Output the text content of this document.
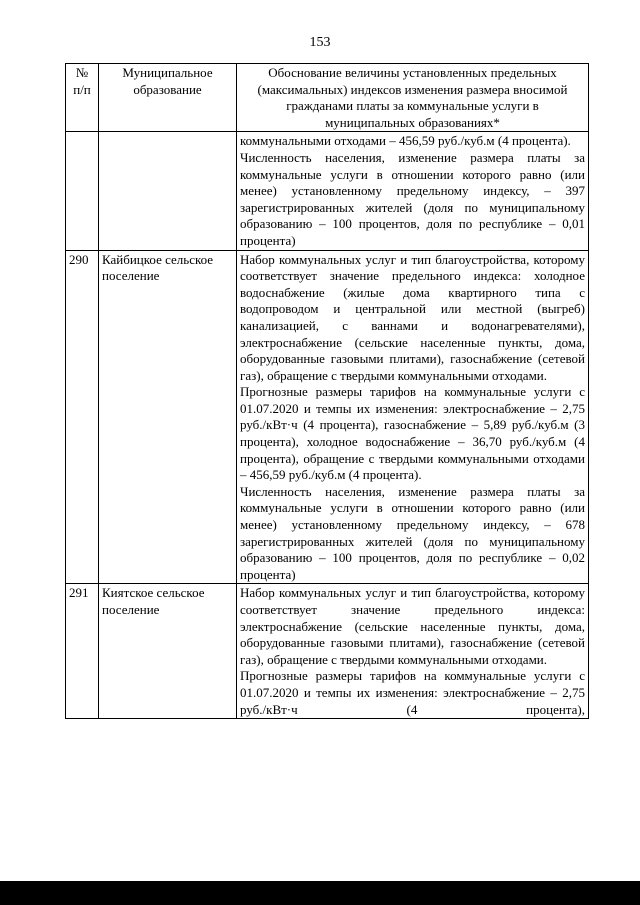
153
№ п/п	Муниципальное образование	Обоснование величины установленных предельных (максимальных) индексов изменения размера вносимой гражданами платы за коммунальные услуги в муниципальных образованиях*

		коммунальными отходами – 456,59 руб./куб.м (4 процента).

Численность населения, изменение размера платы за коммунальные услуги в отношении которого равно (или менее) установленному предельному индексу, – 397 зарегистрированных жителей (доля по муниципальному образованию – 100 процентов, доля по республике – 0,01 процента)

290	Кайбицкое сельское поселение	Набор коммунальных услуг и тип благоустройства, которому соответствует значение предельного индекса: холодное водоснабжение (жилые дома квартирного типа с водопроводом и центральной или местной (выгреб) канализацией, с ваннами и водонагревателями), электроснабжение (сельские населенные пункты, дома, оборудованные газовыми плитами), газоснабжение (сетевой газ), обращение с твердыми коммунальными отходами.

Прогнозные размеры тарифов на коммунальные услуги с 01.07.2020 и темпы их изменения: электроснабжение – 2,75 руб./кВт·ч (4 процента), газоснабжение – 5,89 руб./куб.м (3 процента), холодное водоснабжение – 36,70 руб./куб.м (4 процента), обращение с твердыми коммунальными отходами – 456,59 руб./куб.м (4 процента).

Численность населения, изменение размера платы за коммунальные услуги в отношении которого равно (или менее) установленному предельному индексу, – 678 зарегистрированных жителей (доля по муниципальному образованию – 100 процентов, доля по республике – 0,02 процента)

291	Киятское сельское поселение	Набор коммунальных услуг и тип благоустройства, которому соответствует значение предельного индекса: электроснабжение (сельские населенные пункты, дома, оборудованные газовыми плитами), газоснабжение (сетевой газ), обращение с твердыми коммунальными отходами.

Прогнозные размеры тарифов на коммунальные услуги с 01.07.2020 и темпы их изменения: электроснабжение – 2,75 руб./кВт·ч (4 процента),
